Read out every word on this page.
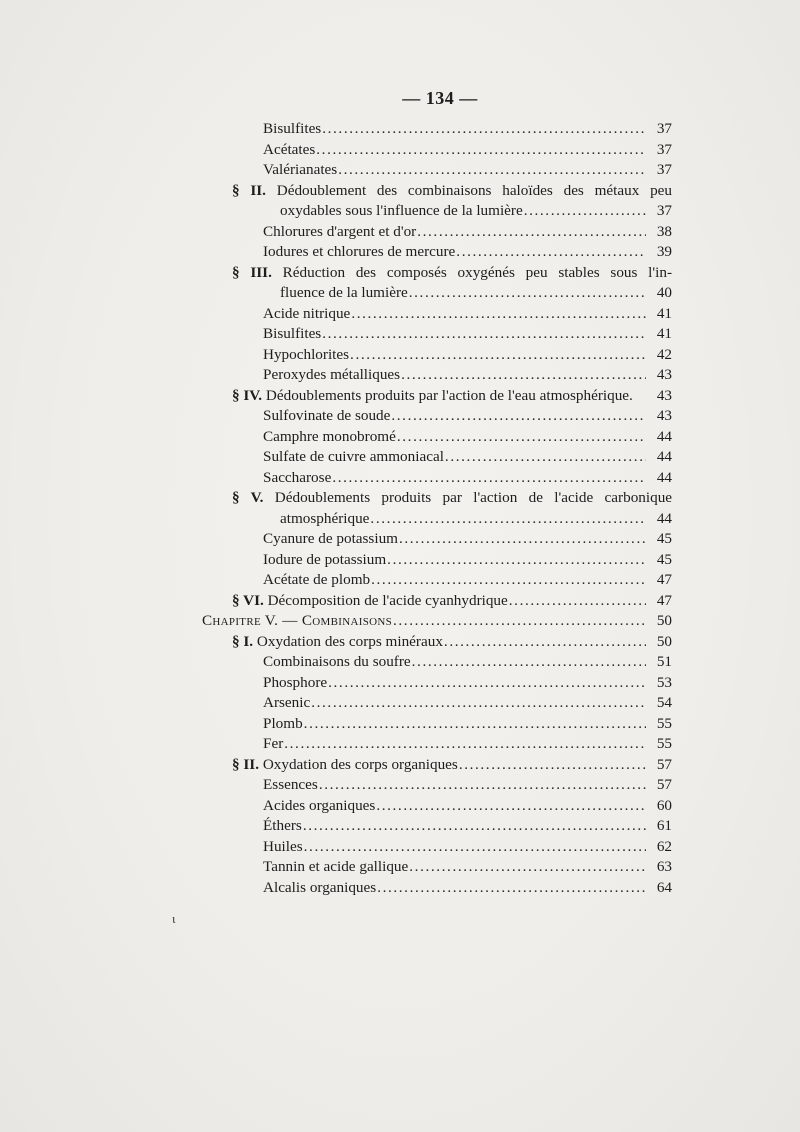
— 134 —
Bisulfites .....	37
Acétates .....	37
Valérianates .....	37
§ II. Dédoublement des combinaisons haloïdes des métaux peu
oxydables sous l'influence de la lumière .....	37
Chlorures d'argent et d'or .....	38
Iodures et chlorures de mercure .....	39
§ III. Réduction des composés oxygénés peu stables sous l'in-
fluence de la lumière .....	40
Acide nitrique .....	41
Bisulfites .....	41
Hypochlorites .....	42
Peroxydes métalliques .....	43
§ IV. Dédoublements produits par l'action de l'eau atmosphérique.	43
Sulfovinate de soude .....	43
Camphre monobromé .....	44
Sulfate de cuivre ammoniacal .....	44
Saccharose .....	44
§ V. Dédoublements produits par l'action de l'acide carbonique
atmosphérique .....	44
Cyanure de potassium .....	45
Iodure de potassium .....	45
Acétate de plomb .....	47
§ VI. Décomposition de l'acide cyanhydrique .....	47
Chapitre V. — Combinaisons .....	50
§ I. Oxydation des corps minéraux .....	50
Combinaisons du soufre .....	51
Phosphore .....	53
Arsenic .....	54
Plomb .....	55
Fer .....	55
§ II. Oxydation des corps organiques .....	57
Essences .....	57
Acides organiques .....	60
Éthers .....	61
Huiles .....	62
Tannin et acide gallique .....	63
Alcalis organiques .....	64
ι
